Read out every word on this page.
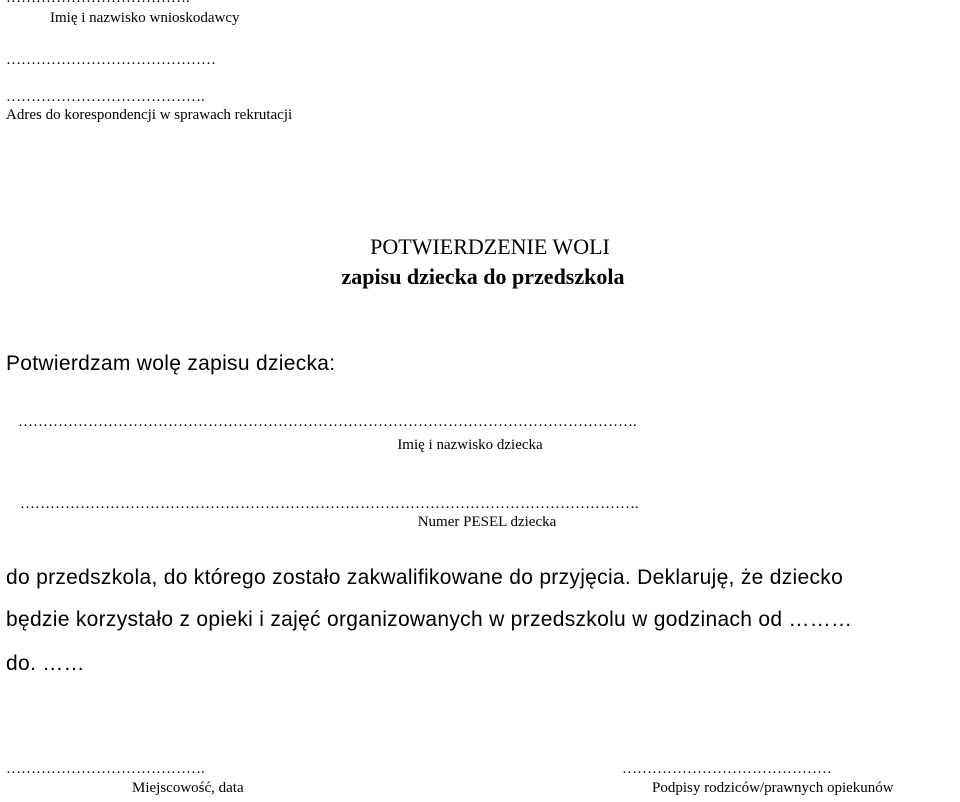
Imię i nazwisko wnioskodawcy
……………………………………
………………………………….
Adres do korespondencji w sprawach rekrutacji
POTWIERDZENIE WOLI
zapisu dziecka do przedszkola
Potwierdzam wolę zapisu dziecka:
…………………………………………………………………………………………………………….
Imię i nazwisko dziecka
…………………………………………………………………………………………………………….
Numer PESEL dziecka
do przedszkola, do którego zostało zakwalifikowane do przyjęcia. Deklaruję, że dziecko
będzie korzystało z opieki i zajęć organizowanych w przedszkolu w godzinach od ………
do. ……
………………………………….
Miejscowość, data
……………………………………
Podpisy rodziców/prawnych opiekunów
